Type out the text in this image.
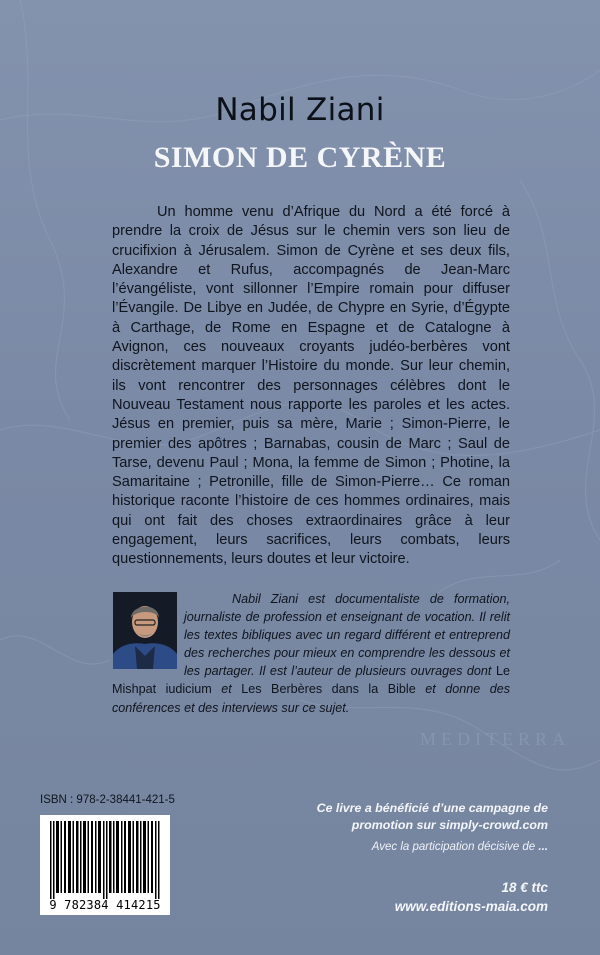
MEDITERRA
Nabil Ziani
SIMON DE CYRÈNE

Un homme venu d’Afrique du Nord a été forcé à prendre la croix de Jésus sur le chemin vers son lieu de crucifixion à Jérusalem. Simon de Cyrène et ses deux fils, Alexandre et Rufus, accompagnés de Jean-Marc l’évangéliste, vont sillonner l’Empire romain pour diffuser l’Évangile. De Libye en Judée, de Chypre en Syrie, d’Égypte à Carthage, de Rome en Espagne et de Catalogne à Avignon, ces nouveaux croyants judéo-berbères vont discrètement marquer l’Histoire du monde. Sur leur chemin, ils vont rencontrer des personnages célèbres dont le Nouveau Testament nous rapporte les paroles et les actes. Jésus en premier, puis sa mère, Marie ; Simon-Pierre, le premier des apôtres ; Barnabas, cousin de Marc ; Saul de Tarse, devenu Paul ; Mona, la femme de Simon ; Photine, la Samaritaine ; Petronille, fille de Simon-Pierre… Ce roman historique raconte l’histoire de ces hommes ordinaires, mais qui ont fait des choses extraordinaires grâce à leur engagement, leurs sacrifices, leurs combats, leurs questionnements, leurs doutes et leur victoire.

Nabil Ziani est documentaliste de formation, journaliste de profession et enseignant de vocation. Il relit les textes bibliques avec un regard différent et entreprend des recherches pour mieux en comprendre les dessous et les partager. Il est l’auteur de plusieurs ouvrages dont Le Mishpat iudicium et Les Berbères dans la Bible et donne des conférences et des interviews sur ce sujet.

ISBN : 978-2-38441-421-5
9 782384 414215
Ce livre a bénéficié d’une campagne de promotion sur simply-crowd.com
Avec la participation décisive de ...
18 € ttc
www.editions-maia.com
